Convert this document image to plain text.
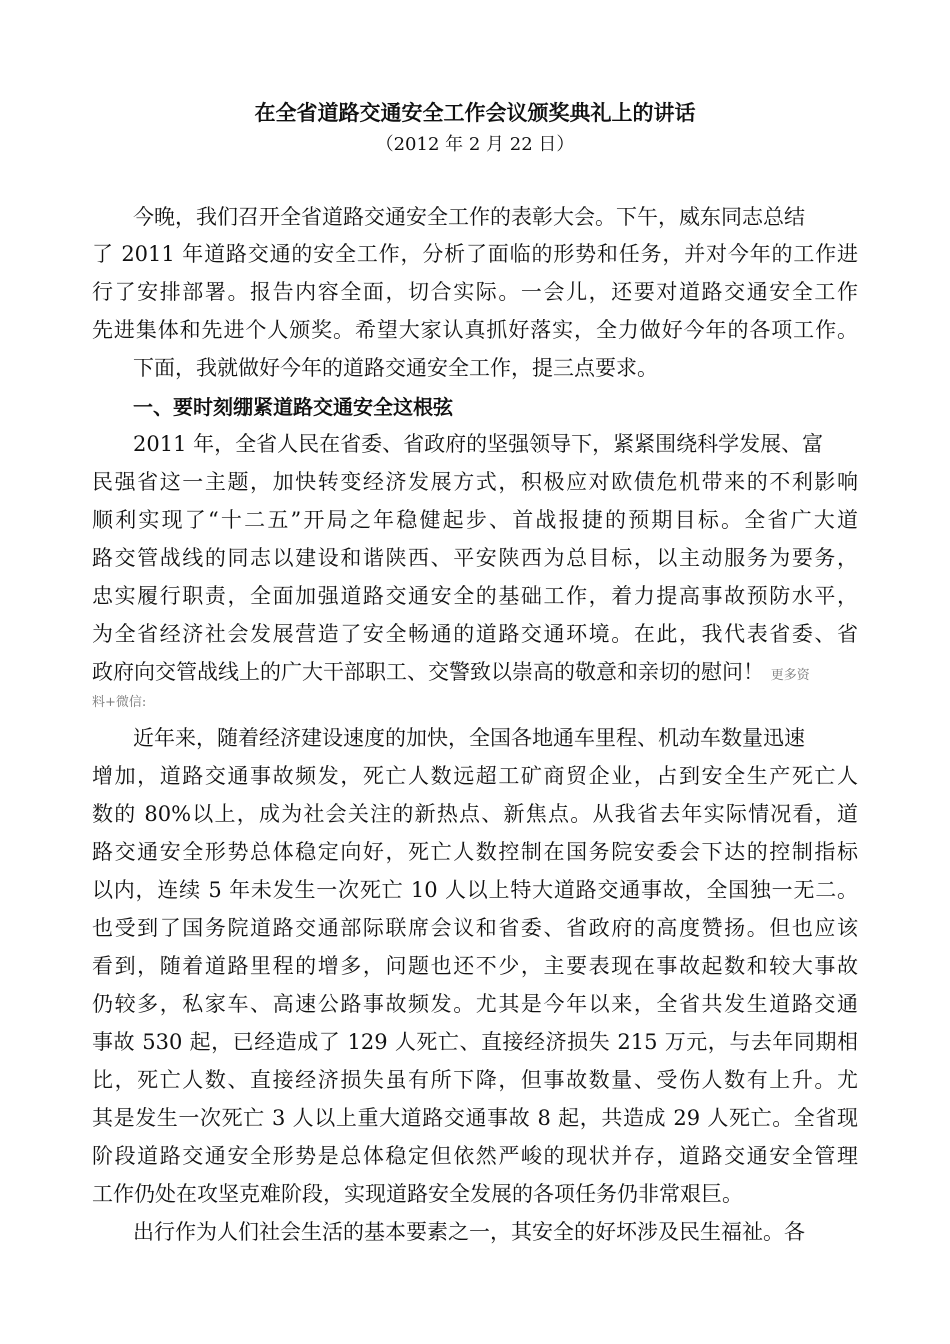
在全省道路交通安全工作会议颁奖典礼上的讲话
（2012 年 2 月 22 日）
今晚，我们召开全省道路交通安全工作的表彰大会。下午，威东同志总结
了 2011 年道路交通的安全工作，分析了面临的形势和任务，并对今年的工作进
行了安排部署。报告内容全面，切合实际。一会儿，还要对道路交通安全工作
先进集体和先进个人颁奖。希望大家认真抓好落实，全力做好今年的各项工作。
下面，我就做好今年的道路交通安全工作，提三点要求。
一、要时刻绷紧道路交通安全这根弦
2011 年，全省人民在省委、省政府的坚强领导下，紧紧围绕科学发展、富
民强省这一主题，加快转变经济发展方式，积极应对欧债危机带来的不利影响
顺利实现了“十二五”开局之年稳健起步、首战报捷的预期目标。全省广大道
路交管战线的同志以建设和谐陕西、平安陕西为总目标，以主动服务为要务，
忠实履行职责，全面加强道路交通安全的基础工作，着力提高事故预防水平，
为全省经济社会发展营造了安全畅通的道路交通环境。在此，我代表省委、省
政府向交管战线上的广大干部职工、交警致以崇高的敬意和亲切的慰问！ 更多资
料+微信:
近年来，随着经济建设速度的加快，全国各地通车里程、机动车数量迅速
增加，道路交通事故频发，死亡人数远超工矿商贸企业，占到安全生产死亡人
数的 80%以上，成为社会关注的新热点、新焦点。从我省去年实际情况看，道
路交通安全形势总体稳定向好，死亡人数控制在国务院安委会下达的控制指标
以内，连续 5 年未发生一次死亡 10 人以上特大道路交通事故，全国独一无二。
也受到了国务院道路交通部际联席会议和省委、省政府的高度赞扬。但也应该
看到，随着道路里程的增多，问题也还不少，主要表现在事故起数和较大事故
仍较多，私家车、高速公路事故频发。尤其是今年以来，全省共发生道路交通
事故 530 起，已经造成了 129 人死亡、直接经济损失 215 万元，与去年同期相
比，死亡人数、直接经济损失虽有所下降，但事故数量、受伤人数有上升。尤
其是发生一次死亡 3 人以上重大道路交通事故 8 起，共造成 29 人死亡。全省现
阶段道路交通安全形势是总体稳定但依然严峻的现状并存，道路交通安全管理
工作仍处在攻坚克难阶段，实现道路安全发展的各项任务仍非常艰巨。
出行作为人们社会生活的基本要素之一，其安全的好坏涉及民生福祉。各
